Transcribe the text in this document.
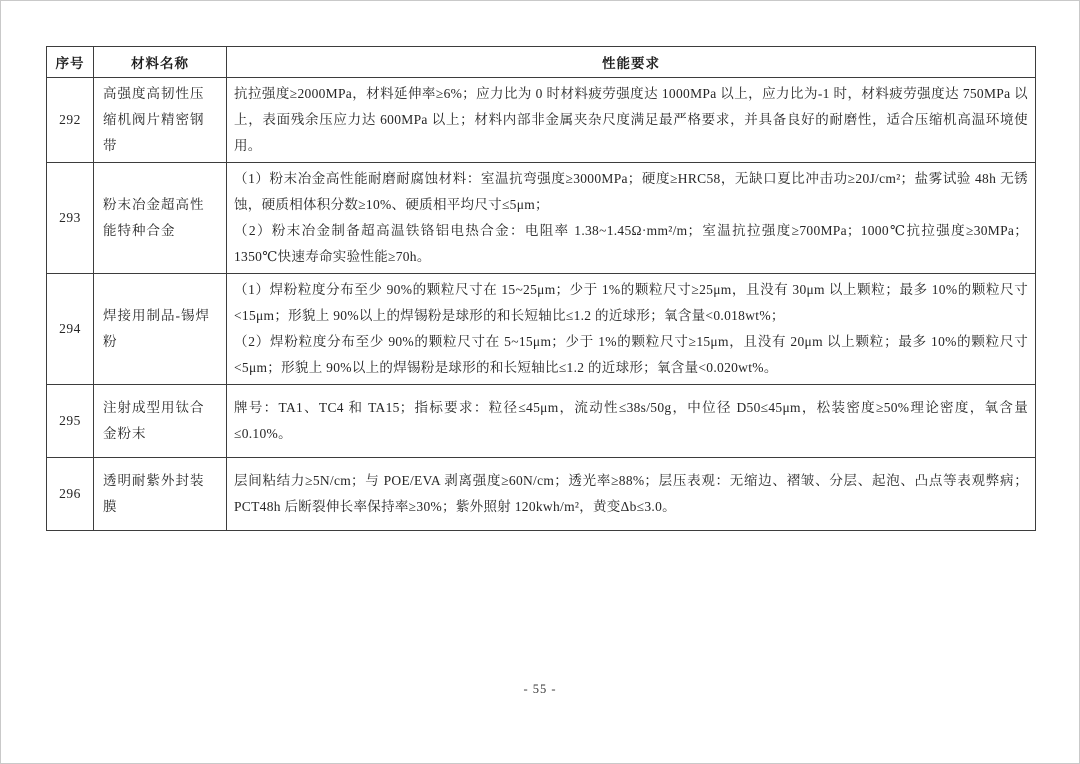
序号	材料名称	性能要求
292	高强度高韧性压缩机阀片精密钢带	抗拉强度≥2000MPa，材料延伸率≥6%；应力比为 0 时材料疲劳强度达 1000MPa 以上，应力比为-1 时，材料疲劳强度达 750MPa 以上，表面残余压应力达 600MPa 以上；材料内部非金属夹杂尺度满足最严格要求，并具备良好的耐磨性，适合压缩机高温环境使用。

293	粉末冶金超高性能特种合金	（1）粉末冶金高性能耐磨耐腐蚀材料：室温抗弯强度≥3000MPa；硬度≥HRC58，无缺口夏比冲击功≥20J/cm²；盐雾试验 48h 无锈蚀，硬质相体积分数≥10%、硬质相平均尺寸≤5μm；

（2）粉末冶金制备超高温铁铬铝电热合金：电阻率 1.38~1.45Ω·mm²/m；室温抗拉强度≥700MPa；1000℃抗拉强度≥30MPa；1350℃快速寿命实验性能≥70h。

294	焊接用制品-锡焊粉	（1）焊粉粒度分布至少 90%的颗粒尺寸在 15~25μm；少于 1%的颗粒尺寸≥25μm，且没有 30μm 以上颗粒；最多 10%的颗粒尺寸<15μm；形貌上 90%以上的焊锡粉是球形的和长短轴比≤1.2 的近球形；氧含量<0.018wt%；

（2）焊粉粒度分布至少 90%的颗粒尺寸在 5~15μm；少于 1%的颗粒尺寸≥15μm，且没有 20μm 以上颗粒；最多 10%的颗粒尺寸<5μm；形貌上 90%以上的焊锡粉是球形的和长短轴比≤1.2 的近球形；氧含量<0.020wt%。

295	注射成型用钛合金粉末	牌号：TA1、TC4 和 TA15；指标要求：粒径≤45μm，流动性≤38s/50g，中位径 D50≤45μm，松装密度≥50%理论密度，氧含量≤0.10%。

296	透明耐紫外封装膜	层间粘结力≥5N/cm；与 POE/EVA 剥离强度≥60N/cm；透光率≥88%；层压表观：无缩边、褶皱、分层、起泡、凸点等表观弊病；PCT48h 后断裂伸长率保持率≥30%；紫外照射 120kwh/m²，黄变Δb≤3.0。

- 55 -
